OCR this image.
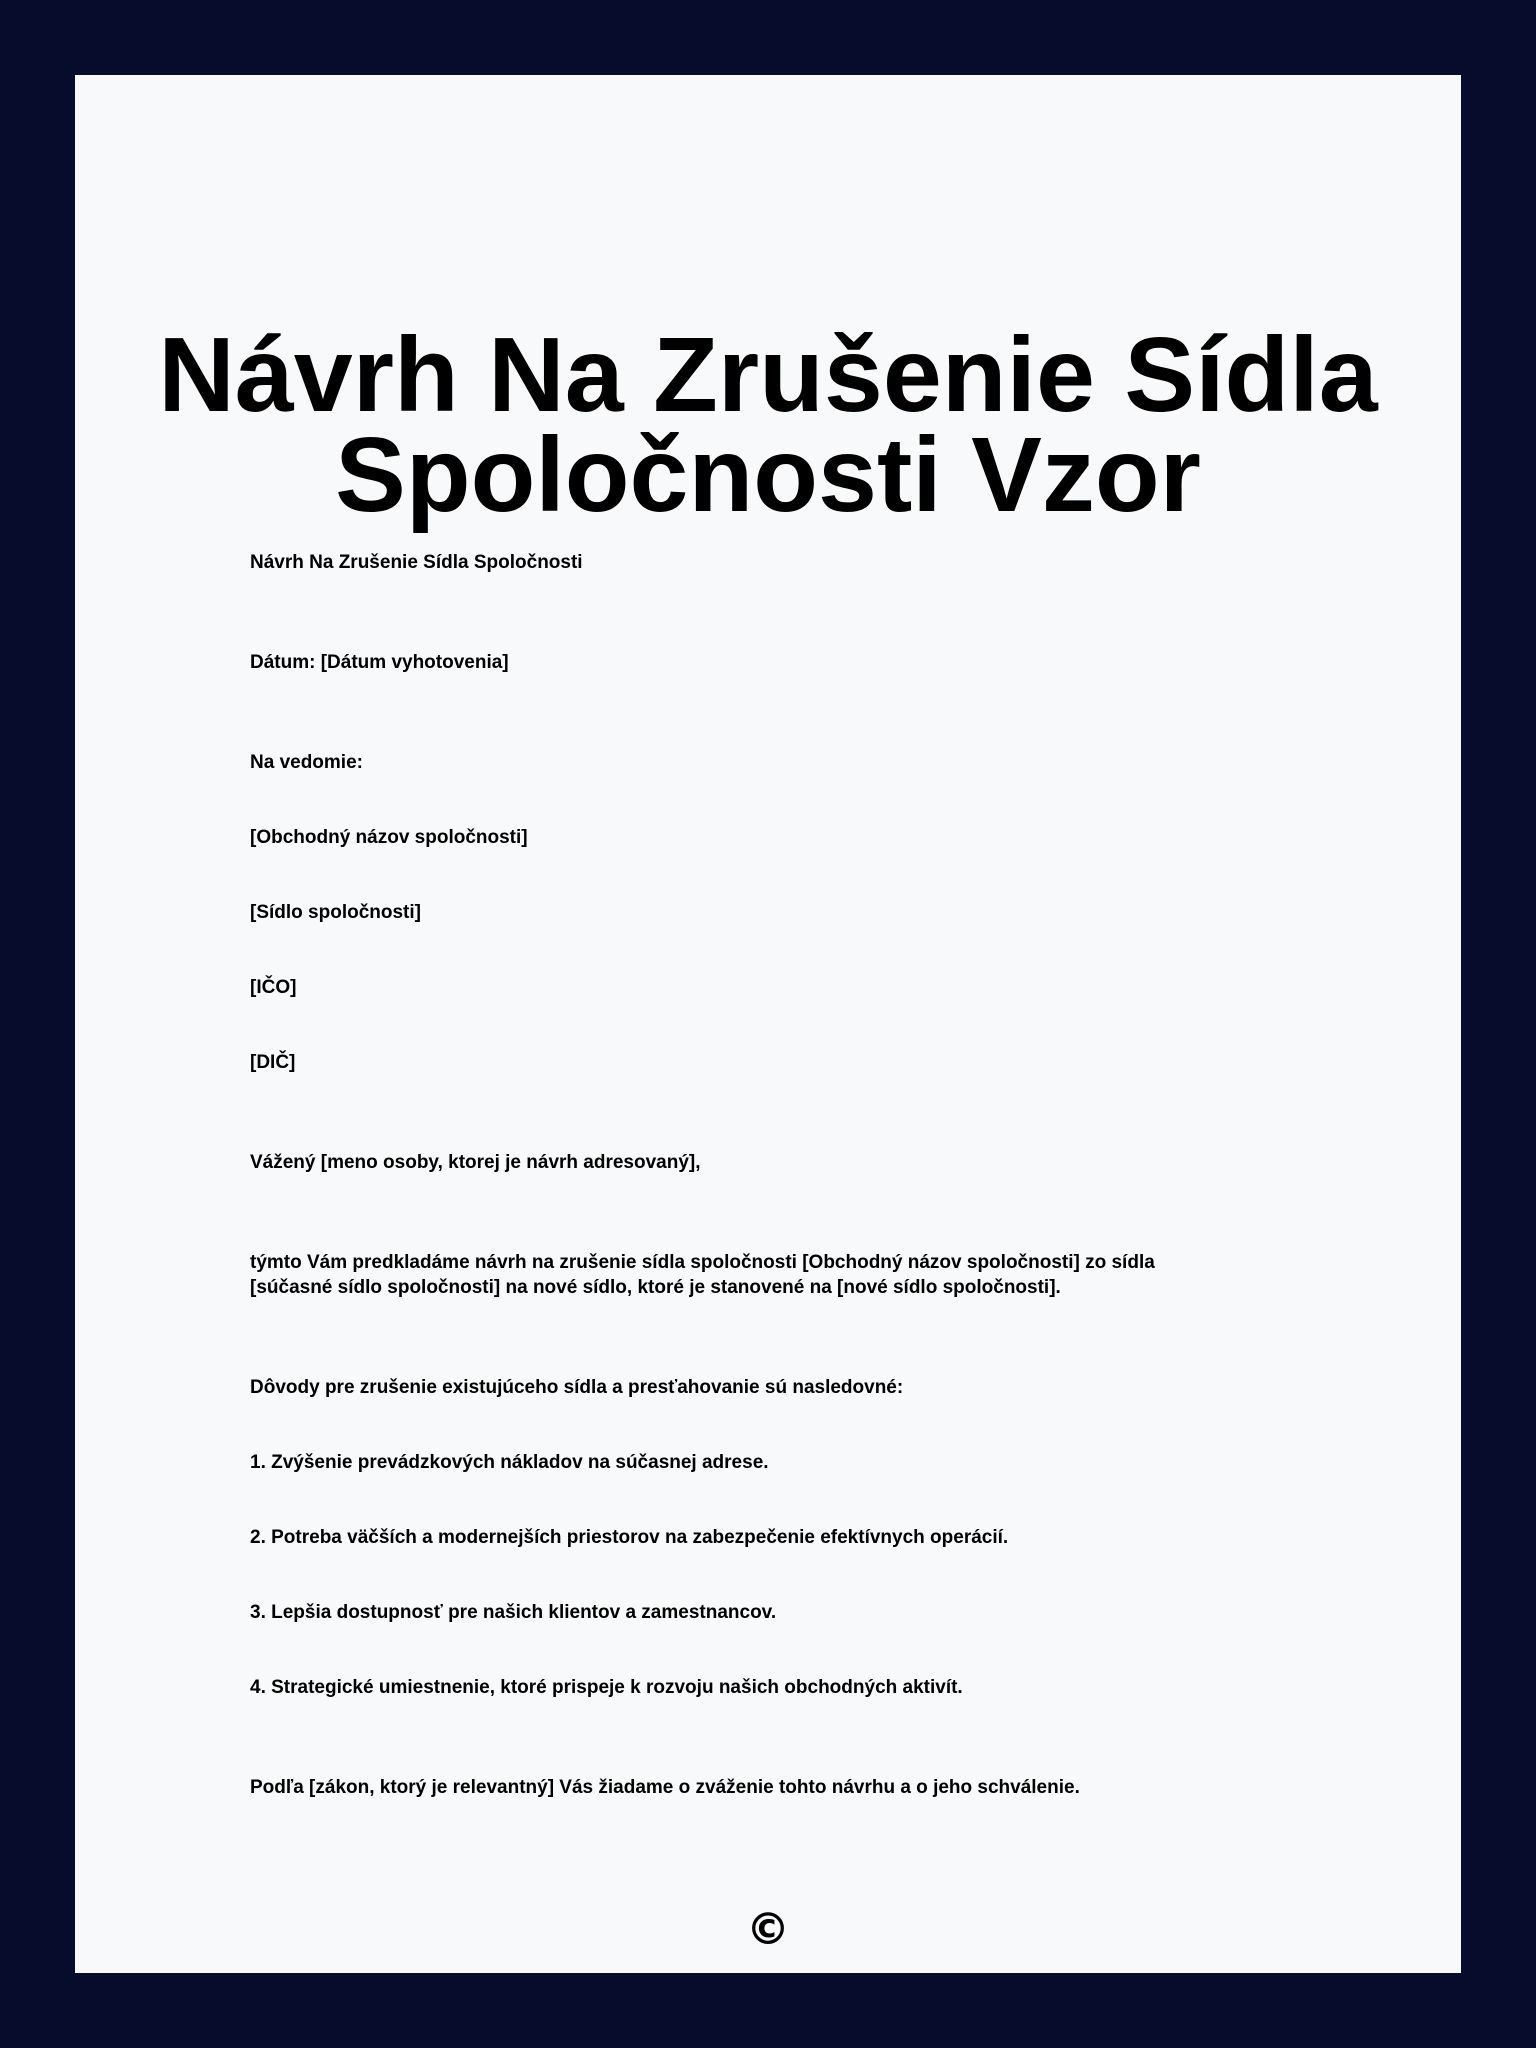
Návrh Na Zrušenie Sídla
Spoločnosti Vzor

Návrh Na Zrušenie Sídla Spoločnosti

Dátum: [Dátum vyhotovenia]

Na vedomie:

[Obchodný názov spoločnosti]

[Sídlo spoločnosti]

[IČO]

[DIČ]

Vážený [meno osoby, ktorej je návrh adresovaný],

týmto Vám predkladáme návrh na zrušenie sídla spoločnosti [Obchodný názov spoločnosti] zo sídla

[súčasné sídlo spoločnosti] na nové sídlo, ktoré je stanovené na [nové sídlo spoločnosti].

Dôvody pre zrušenie existujúceho sídla a presťahovanie sú nasledovné:

1. Zvýšenie prevádzkových nákladov na súčasnej adrese.

2. Potreba väčších a modernejších priestorov na zabezpečenie efektívnych operácií.

3. Lepšia dostupnosť pre našich klientov a zamestnancov.

4. Strategické umiestnenie, ktoré prispeje k rozvoju našich obchodných aktivít.

Podľa [zákon, ktorý je relevantný] Vás žiadame o zváženie tohto návrhu a o jeho schválenie.

©
